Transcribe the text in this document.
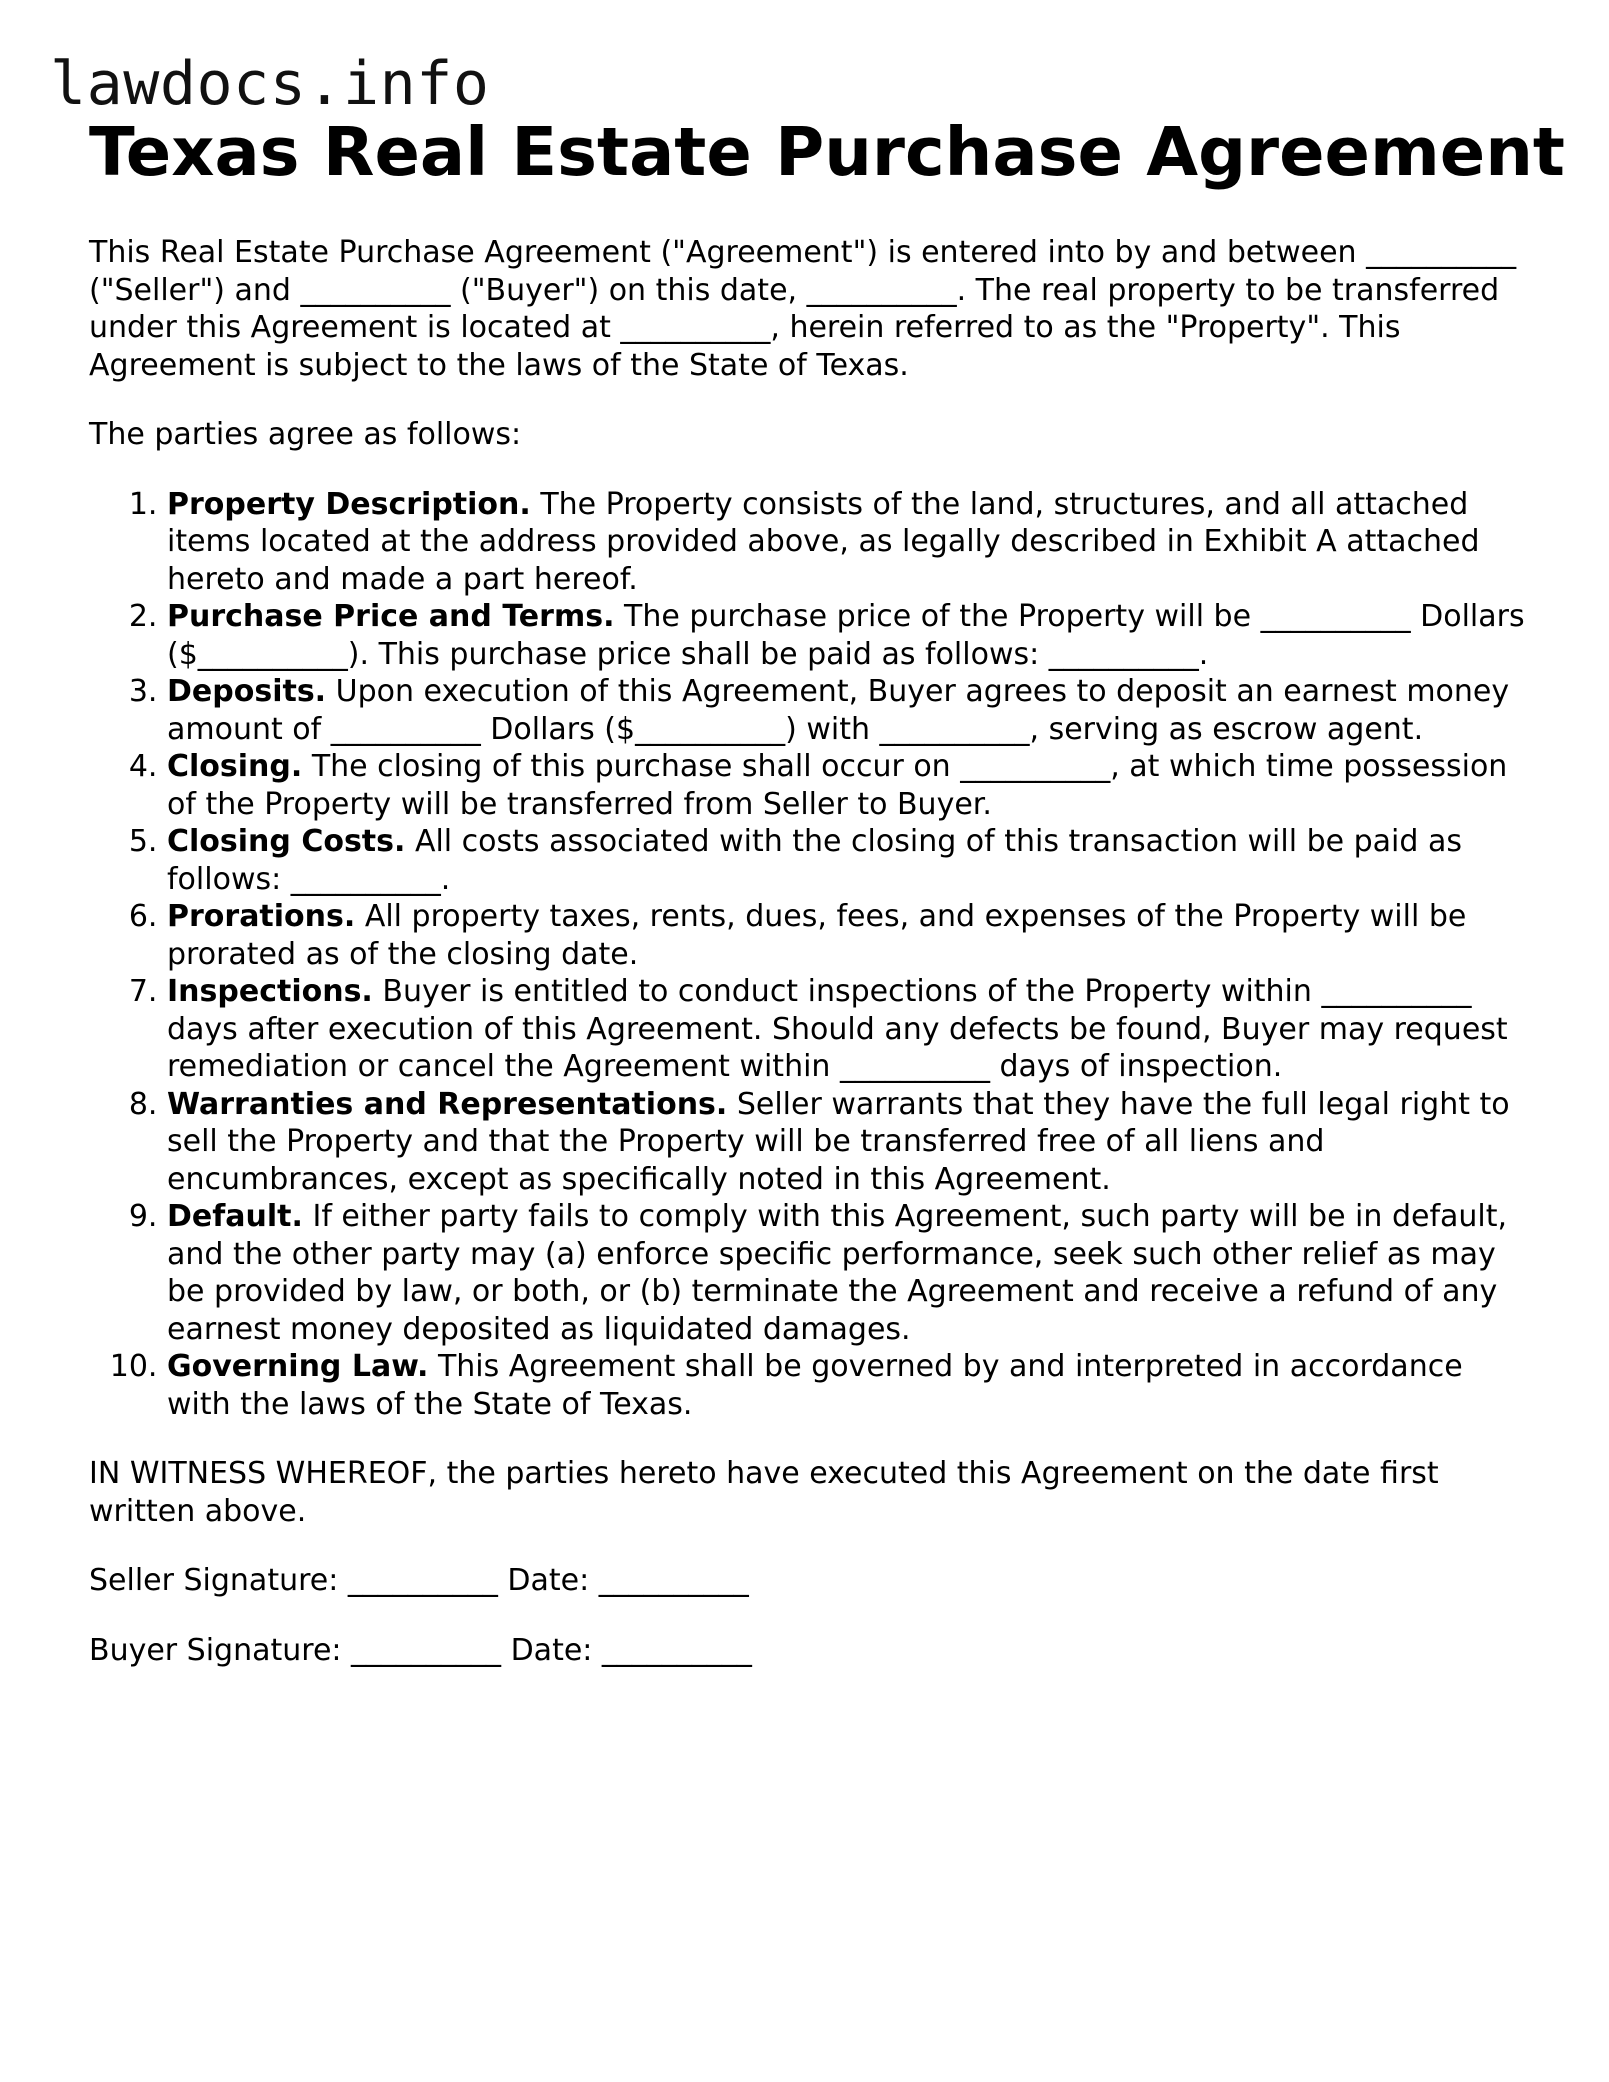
lawdocs.info
Texas Real Estate Purchase Agreement

This Real Estate Purchase Agreement ("Agreement") is entered into by and between __________ ("Seller") and __________ ("Buyer") on this date, __________. The real property to be transferred under this Agreement is located at __________, herein referred to as the "Property". This Agreement is subject to the laws of the State of Texas.

The parties agree as follows:

1. Property Description. The Property consists of the land, structures, and all attached items located at the address provided above, as legally described in Exhibit A attached hereto and made a part hereof.
2. Purchase Price and Terms. The purchase price of the Property will be __________ Dollars ($__________). This purchase price shall be paid as follows: __________.
3. Deposits. Upon execution of this Agreement, Buyer agrees to deposit an earnest money amount of __________ Dollars ($__________) with __________, serving as escrow agent.
4. Closing. The closing of this purchase shall occur on __________, at which time possession of the Property will be transferred from Seller to Buyer.
5. Closing Costs. All costs associated with the closing of this transaction will be paid as follows: __________.
6. Prorations. All property taxes, rents, dues, fees, and expenses of the Property will be prorated as of the closing date.
7. Inspections. Buyer is entitled to conduct inspections of the Property within __________ days after execution of this Agreement. Should any defects be found, Buyer may request remediation or cancel the Agreement within __________ days of inspection.
8. Warranties and Representations. Seller warrants that they have the full legal right to sell the Property and that the Property will be transferred free of all liens and encumbrances, except as specifically noted in this Agreement.
9. Default. If either party fails to comply with this Agreement, such party will be in default, and the other party may (a) enforce specific performance, seek such other relief as may be provided by law, or both, or (b) terminate the Agreement and receive a refund of any earnest money deposited as liquidated damages.
10. Governing Law. This Agreement shall be governed by and interpreted in accordance with the laws of the State of Texas.

IN WITNESS WHEREOF, the parties hereto have executed this Agreement on the date first written above.

Seller Signature: __________ Date: __________

Buyer Signature: __________ Date: __________
